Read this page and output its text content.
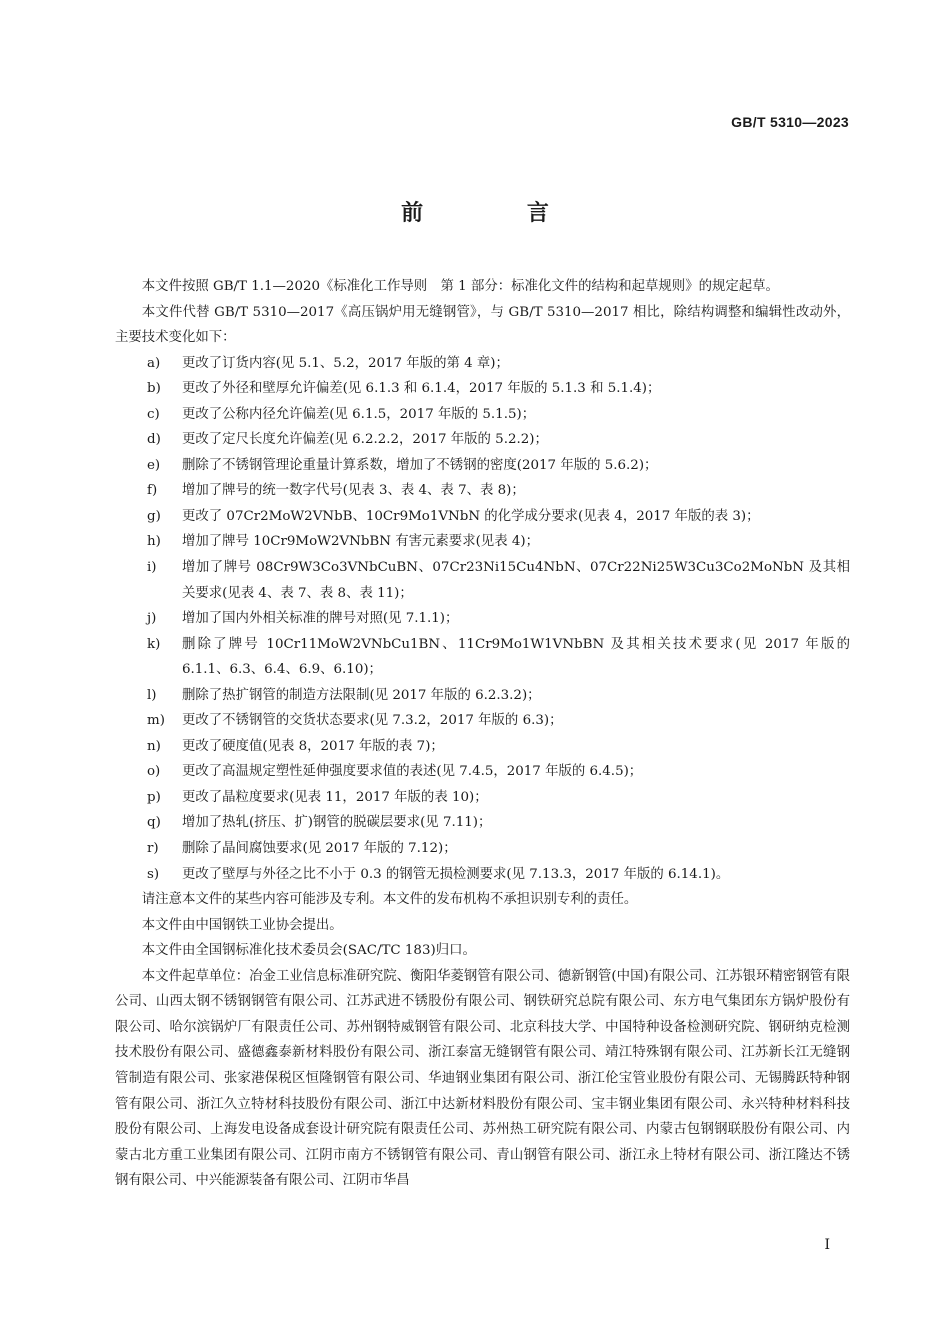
GB/T 5310—2023
前 言

本文件按照 GB/T 1.1—2020《标准化工作导则　第 1 部分：标准化文件的结构和起草规则》的规定起草。

本文件代替 GB/T 5310—2017《高压锅炉用无缝钢管》，与 GB/T 5310—2017 相比，除结构调整和编辑性改动外，主要技术变化如下：

a)	更改了订货内容(见 5.1、5.2，2017 年版的第 4 章)；
b)	更改了外径和壁厚允许偏差(见 6.1.3 和 6.1.4，2017 年版的 5.1.3 和 5.1.4)；
c)	更改了公称内径允许偏差(见 6.1.5，2017 年版的 5.1.5)；
d)	更改了定尺长度允许偏差(见 6.2.2.2，2017 年版的 5.2.2)；
e)	删除了不锈钢管理论重量计算系数，增加了不锈钢的密度(2017 年版的 5.6.2)；
f)	增加了牌号的统一数字代号(见表 3、表 4、表 7、表 8)；
g)	更改了 07Cr2MoW2VNbB、10Cr9Mo1VNbN 的化学成分要求(见表 4，2017 年版的表 3)；
h)	增加了牌号 10Cr9MoW2VNbBN 有害元素要求(见表 4)；
i)	增加了牌号 08Cr9W3Co3VNbCuBN、07Cr23Ni15Cu4NbN、07Cr22Ni25W3Cu3Co2MoNbN 及其相关要求(见表 4、表 7、表 8、表 11)；
j)	增加了国内外相关标准的牌号对照(见 7.1.1)；
k)	删除了牌号 10Cr11MoW2VNbCu1BN、11Cr9Mo1W1VNbBN 及其相关技术要求(见 2017 年版的 6.1.1、6.3、6.4、6.9、6.10)；
l)	删除了热扩钢管的制造方法限制(见 2017 年版的 6.2.3.2)；
m)	更改了不锈钢管的交货状态要求(见 7.3.2，2017 年版的 6.3)；
n)	更改了硬度值(见表 8，2017 年版的表 7)；
o)	更改了高温规定塑性延伸强度要求值的表述(见 7.4.5，2017 年版的 6.4.5)；
p)	更改了晶粒度要求(见表 11，2017 年版的表 10)；
q)	增加了热轧(挤压、扩)钢管的脱碳层要求(见 7.11)；
r)	删除了晶间腐蚀要求(见 2017 年版的 7.12)；
s)	更改了壁厚与外径之比不小于 0.3 的钢管无损检测要求(见 7.13.3，2017 年版的 6.14.1)。

请注意本文件的某些内容可能涉及专利。本文件的发布机构不承担识别专利的责任。

本文件由中国钢铁工业协会提出。

本文件由全国钢标准化技术委员会(SAC/TC 183)归口。

本文件起草单位：冶金工业信息标准研究院、衡阳华菱钢管有限公司、德新钢管(中国)有限公司、江苏银环精密钢管有限公司、山西太钢不锈钢钢管有限公司、江苏武进不锈股份有限公司、钢铁研究总院有限公司、东方电气集团东方锅炉股份有限公司、哈尔滨锅炉厂有限责任公司、苏州钢特威钢管有限公司、北京科技大学、中国特种设备检测研究院、钢研纳克检测技术股份有限公司、盛德鑫泰新材料股份有限公司、浙江泰富无缝钢管有限公司、靖江特殊钢有限公司、江苏新长江无缝钢管制造有限公司、张家港保税区恒隆钢管有限公司、华迪钢业集团有限公司、浙江伦宝管业股份有限公司、无锡腾跃特种钢管有限公司、浙江久立特材科技股份有限公司、浙江中达新材料股份有限公司、宝丰钢业集团有限公司、永兴特种材料科技股份有限公司、上海发电设备成套设计研究院有限责任公司、苏州热工研究院有限公司、内蒙古包钢钢联股份有限公司、内蒙古北方重工业集团有限公司、江阴市南方不锈钢管有限公司、青山钢管有限公司、浙江永上特材有限公司、浙江隆达不锈钢有限公司、中兴能源装备有限公司、江阴市华昌

I
